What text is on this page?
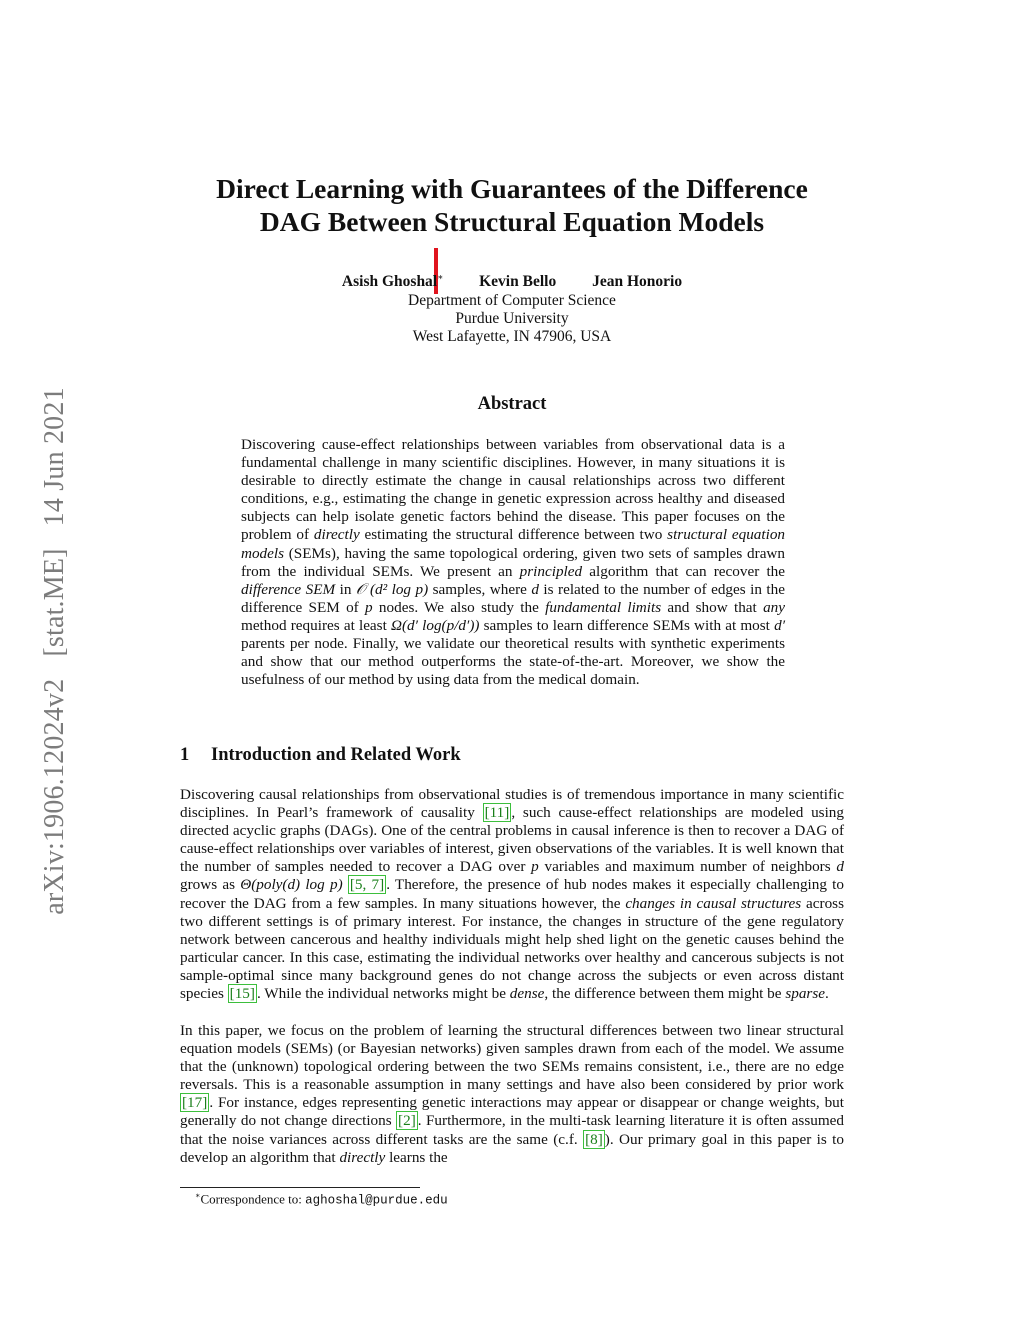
arXiv:1906.12024v2[stat.ME]14 Jun 2021
Direct Learning with Guarantees of the Difference
DAG Between Structural Equation Models
Asish Ghoshal∗ Kevin Bello Jean Honorio
Department of Computer Science
Purdue University
West Lafayette, IN 47906, USA
Abstract
Discovering cause-effect relationships between variables from observational data is a fundamental challenge in many scientific disciplines. However, in many situations it is desirable to directly estimate the change in causal relationships across two different conditions, e.g., estimating the change in genetic expression across healthy and diseased subjects can help isolate genetic factors behind the disease. This paper focuses on the problem of directly estimating the structural difference between two structural equation models (SEMs), having the same topological ordering, given two sets of samples drawn from the individual SEMs. We present an principled algorithm that can recover the difference SEM in 𝒪 (d² log p) samples, where d is related to the number of edges in the difference SEM of p nodes. We also study the fundamental limits and show that any method requires at least Ω(d′ log(p/d′)) samples to learn difference SEMs with at most d′ parents per node. Finally, we validate our theoretical results with synthetic experiments and show that our method outperforms the state-of-the-art. Moreover, we show the usefulness of our method by using data from the medical domain.
1 Introduction and Related Work
Discovering causal relationships from observational studies is of tremendous importance in many scientific disciplines. In Pearl’s framework of causality [11] , such cause-effect relationships are modeled using directed acyclic graphs (DAGs). One of the central problems in causal inference is then to recover a DAG of cause-effect relationships over variables of interest, given observations of the variables. It is well known that the number of samples needed to recover a DAG over p variables and maximum number of neighbors d grows as Θ(poly(d) log p) [5, 7] . Therefore, the presence of hub nodes makes it especially challenging to recover the DAG from a few samples. In many situations however, the changes in causal structures across two different settings is of primary interest. For instance, the changes in structure of the gene regulatory network between cancerous and healthy individuals might help shed light on the genetic causes behind the particular cancer. In this case, estimating the individual networks over healthy and cancerous subjects is not sample-optimal since many background genes do not change across the subjects or even across distant species [15] . While the individual networks might be dense, the difference between them might be sparse.
In this paper, we focus on the problem of learning the structural differences between two linear structural equation models (SEMs) (or Bayesian networks) given samples drawn from each of the model. We assume that the (unknown) topological ordering between the two SEMs remains consistent, i.e., there are no edge reversals. This is a reasonable assumption in many settings and have also been considered by prior work [17] . For instance, edges representing genetic interactions may appear or disappear or change weights, but generally do not change directions [2] . Furthermore, in the multi-task learning literature it is often assumed that the noise variances across different tasks are the same (c.f. [8] ). Our primary goal in this paper is to develop an algorithm that directly learns the
∗Correspondence to: aghoshal@purdue.edu
